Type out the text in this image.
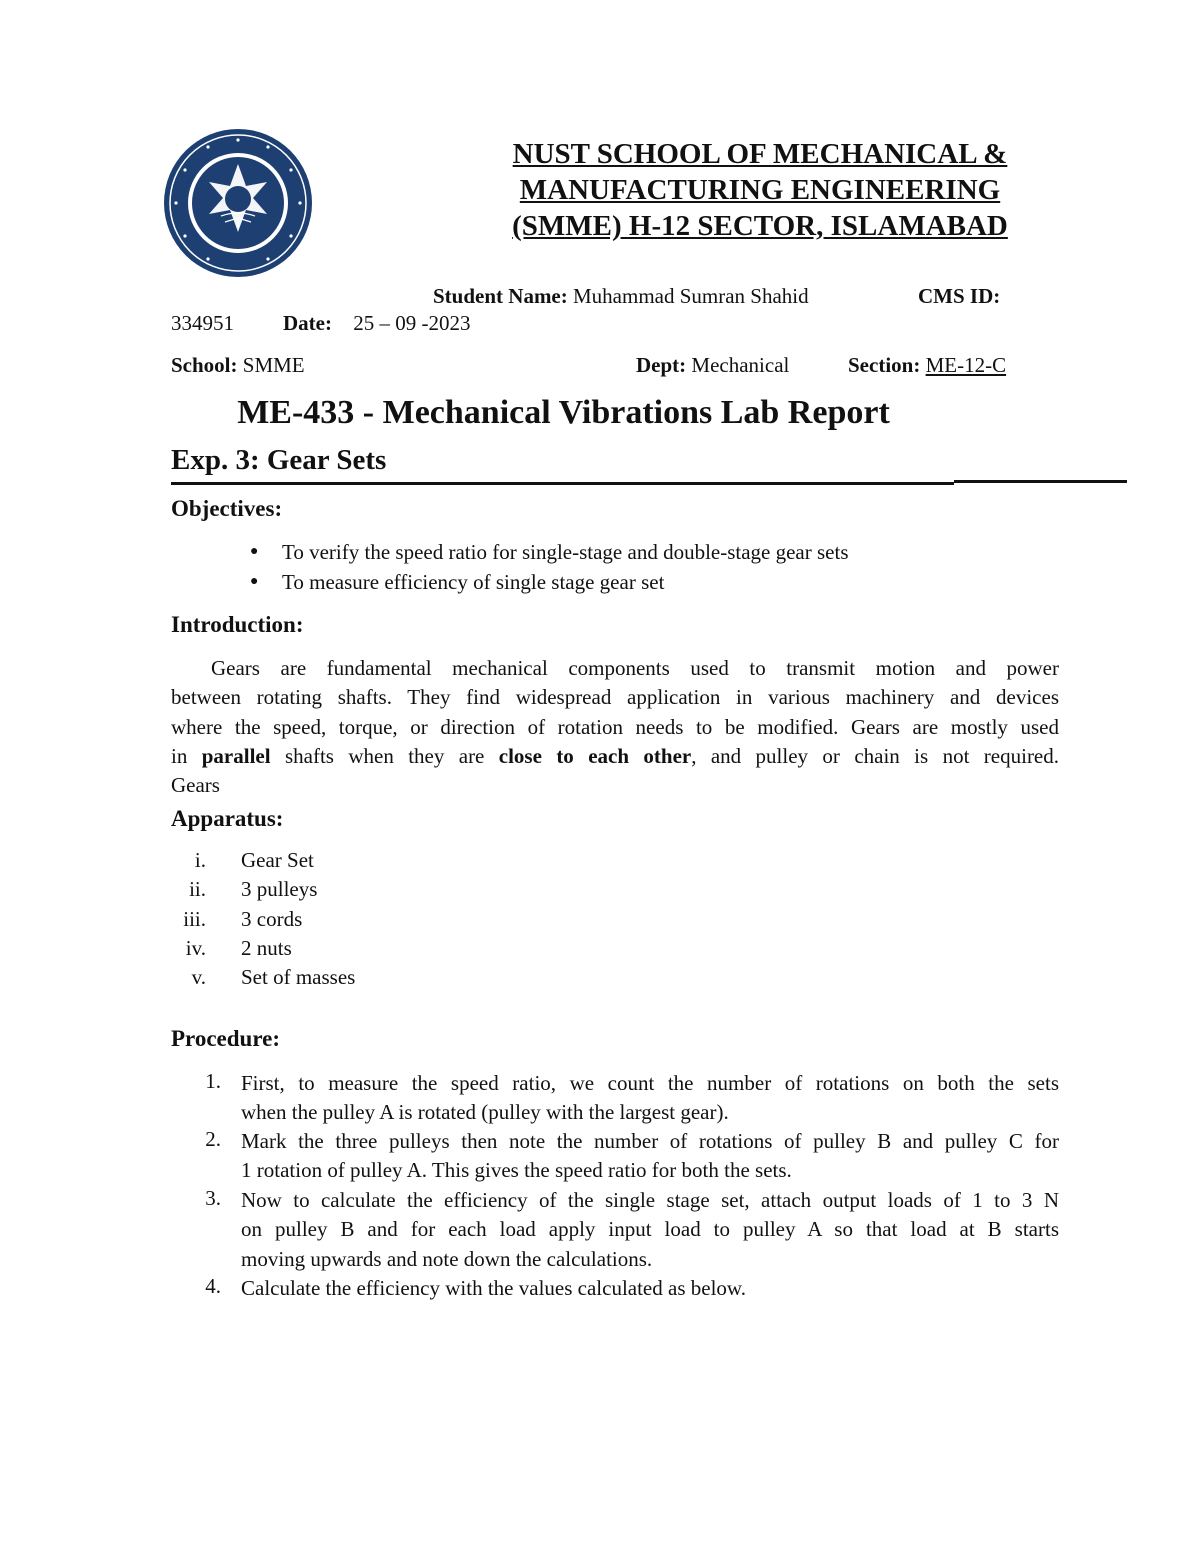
NUST SCHOOL OF MECHANICAL &
MANUFACTURING ENGINEERING
(SMME) H-12 SECTOR, ISLAMABAD
Student Name: Muhammad Sumran Shahid	CMS ID:
334951 Date: 25 – 09 -2023
School: SMME	Dept: Mechanical	Section: ME-12-C
ME-433 - Mechanical Vibrations Lab Report
Exp. 3: Gear Sets
Objectives:
● To verify the speed ratio for single-stage and double-stage gear sets
● To measure efficiency of single stage gear set
Introduction:
Gears are fundamental mechanical components used to transmit motion and power
between rotating shafts. They find widespread application in various machinery and devices
where the speed, torque, or direction of rotation needs to be modified. Gears are mostly used
in parallel shafts when they are close to each other, and pulley or chain is not required.
Gears
Apparatus:
i. Gear Set
ii. 3 pulleys
iii. 3 cords
iv. 2 nuts
v. Set of masses
Procedure:
1. First, to measure the speed ratio, we count the number of rotations on both the sets
when the pulley A is rotated (pulley with the largest gear).
2. Mark the three pulleys then note the number of rotations of pulley B and pulley C for
1 rotation of pulley A. This gives the speed ratio for both the sets.
3. Now to calculate the efficiency of the single stage set, attach output loads of 1 to 3 N
on pulley B and for each load apply input load to pulley A so that load at B starts
moving upwards and note down the calculations.
4. Calculate the efficiency with the values calculated as below.
